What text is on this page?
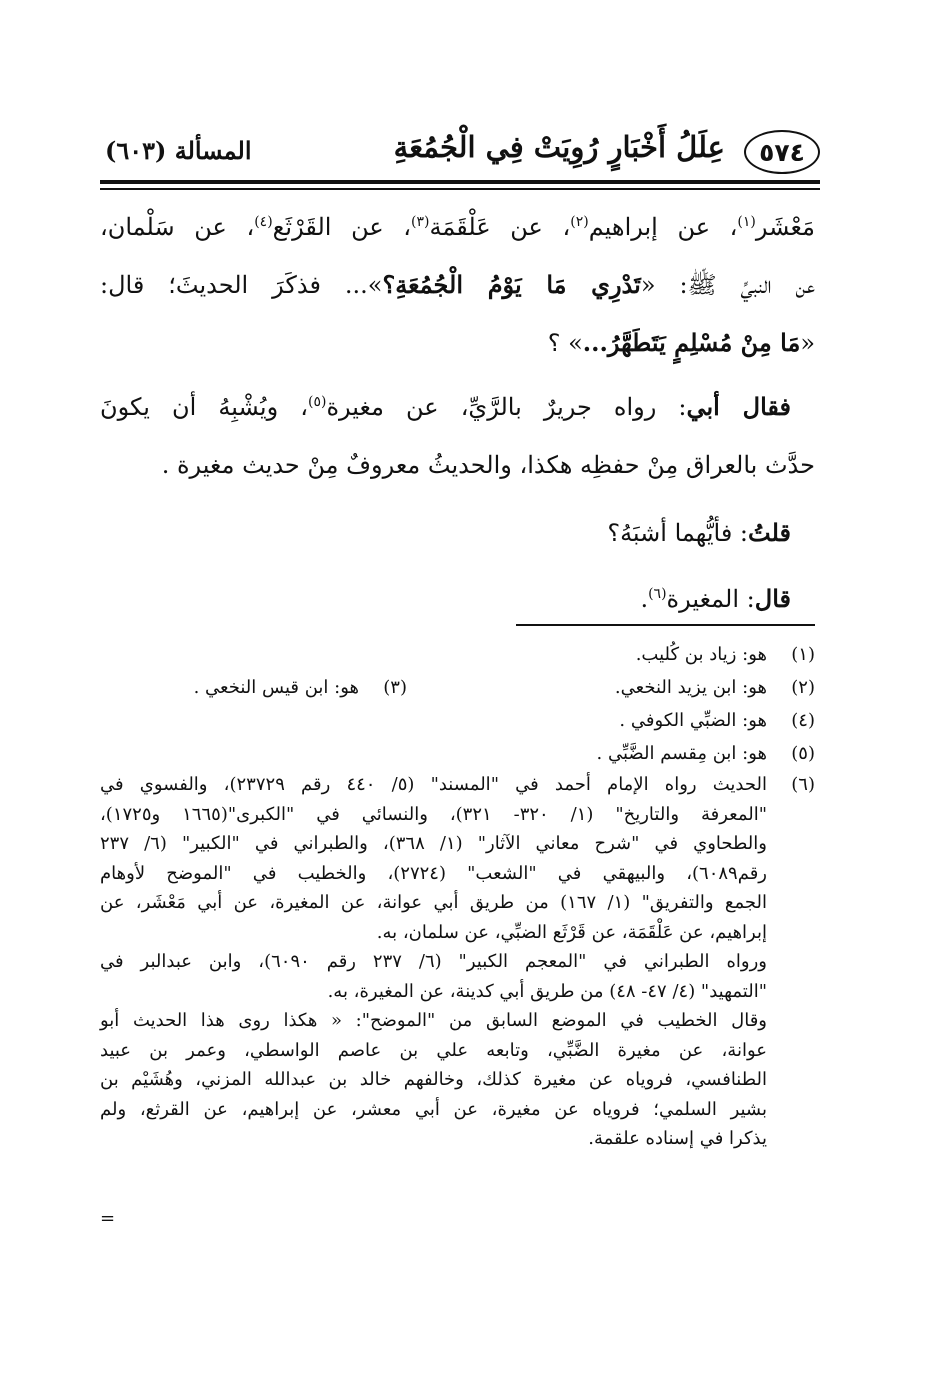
٥٧٤
عِلَلُ أَخْبَارٍ رُوِيَتْ فِي الْجُمُعَةِ
المسألة (٦٠٣)

مَعْشَر$^{(١)}$، عن إبراهيم$^{(٢)}$، عن عَلْقَمَة$^{(٣)}$، عن القَرْثَع$^{(٤)}$، عن سَلْمان،
عن النبيِّ ﷺ: «تَدْرِي مَا يَوْمُ الْجُمُعَةِ؟»... فذكَرَ الحديثَ؛ قال:
«مَا مِنْ مُسْلِمٍ يَتَطَهَّرُ...» ؟

 فقال أبي: رواه جريرٌ بالرَّيِّ، عن مغيرة$^{(٥)}$، ويُشْبِهُ أن يكونَ
حدَّث بالعراق مِنْ حفظِه هكذا، والحديثُ معروفٌ مِنْ حديث مغيرة .

 قلتُ: فأيُّهما أشبَهُ؟

 قال: المغيرة$^{(٦)}$.

(١)
هو: زياد بن كُليب.
(٢)
هو: ابن يزيد النخعي.
(٣)
هو: ابن قيس النخعي .
(٤)
هو: الضبِّي الكوفي .
(٥)
هو: ابن مِقسم الضَّبِّي .
(٦)
الحديث رواه الإمام أحمد في "المسند" (٥/ ٤٤٠ رقم ٢٣٧٢٩)، والفسوي في
"المعرفة والتاريخ" (١/ ٣٢٠- ٣٢١)، والنسائي في "الكبرى"(١٦٦٥ و١٧٢٥)،
والطحاوي في "شرح معاني الآثار" (١/ ٣٦٨)، والطبراني في "الكبير" (٦/ ٢٣٧
رقم٦٠٨٩)، والبيهقي في "الشعب" (٢٧٢٤)، والخطيب في "الموضح لأوهام
الجمع والتفريق" (١/ ١٦٧) من طريق أبي عوانة، عن المغيرة، عن أبي مَعْشَر، عن
إبراهيم، عن عَلْقَمَة، عن قَرْثَع الضبِّي، عن سلمان، به.
ورواه الطبراني في "المعجم الكبير" (٦/ ٢٣٧ رقم ٦٠٩٠)، وابن عبدالبر في
"التمهيد" (٤/ ٤٧- ٤٨) من طريق أبي كدينة، عن المغيرة، به.
وقال الخطيب في الموضع السابق من "الموضح": « هكذا روى هذا الحديث أبو
عوانة، عن مغيرة الضَّبِّي، وتابعه علي بن عاصم الواسطي، وعمر بن عبيد
الطنافسي، فروياه عن مغيرة كذلك، وخالفهم خالد بن عبدالله المزني، وهُشَيْم بن
بشير السلمي؛ فروياه عن مغيرة، عن أبي معشر، عن إبراهيم، عن القرثع، ولم
يذكرا في إسناده علقمة.
=
